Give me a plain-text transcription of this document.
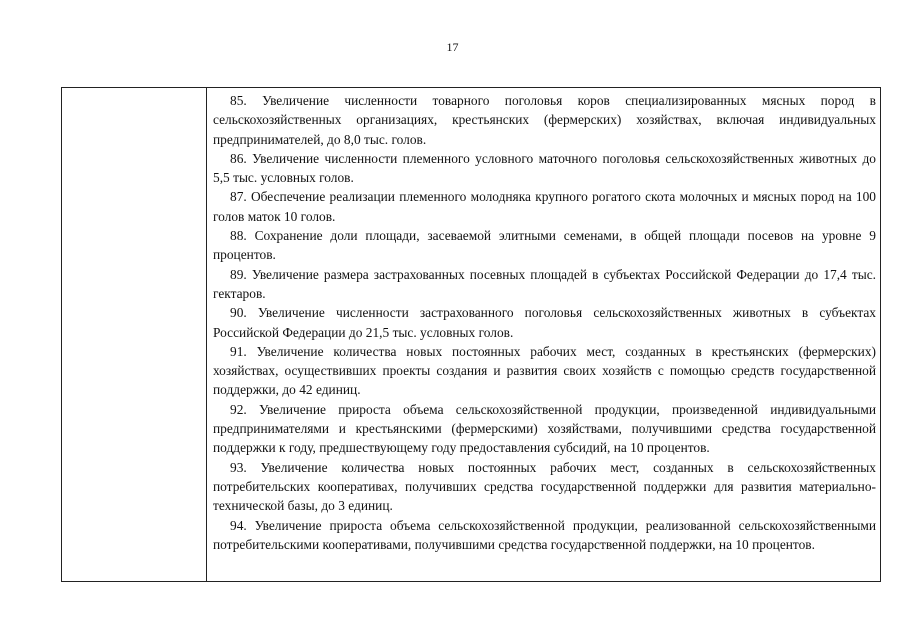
17

85. Увеличение численности товарного поголовья коров специализированных мясных пород в сельскохозяйственных организациях, крестьянских (фермерских) хозяйствах, включая индивидуальных предпринимателей, до 8,0 тыс. голов.

86. Увеличение численности племенного условного маточного поголовья сельскохозяйственных животных до 5,5 тыс. условных голов.

87. Обеспечение реализации племенного молодняка крупного рогатого скота молочных и мясных пород на 100 голов маток 10 голов.

88. Сохранение доли площади, засеваемой элитными семенами, в общей площади посевов на уровне 9 процентов.

89. Увеличение размера застрахованных посевных площадей в субъектах Российской Федерации до 17,4 тыс. гектаров.

90. Увеличение численности застрахованного поголовья сельскохозяйственных животных в субъектах Российской Федерации до 21,5 тыс. условных голов.

91. Увеличение количества новых постоянных рабочих мест, созданных в крестьянских (фермерских) хозяйствах, осуществивших проекты создания и развития своих хозяйств с помощью средств государственной поддержки, до 42 единиц.

92. Увеличение прироста объема сельскохозяйственной продукции, произведенной индивидуальными предпринимателями и крестьянскими (фермерскими) хозяйствами, получившими средства государственной поддержки к году, предшествующему году предоставления субсидий, на 10 процентов.

93. Увеличение количества новых постоянных рабочих мест, созданных в сельскохозяйственных потребительских кооперативах, получивших средства государственной поддержки для развития материально-технической базы, до 3 единиц.

94. Увеличение прироста объема сельскохозяйственной продукции, реализованной сельскохозяйственными потребительскими кооперативами, получившими средства государственной поддержки, на 10 процентов.
